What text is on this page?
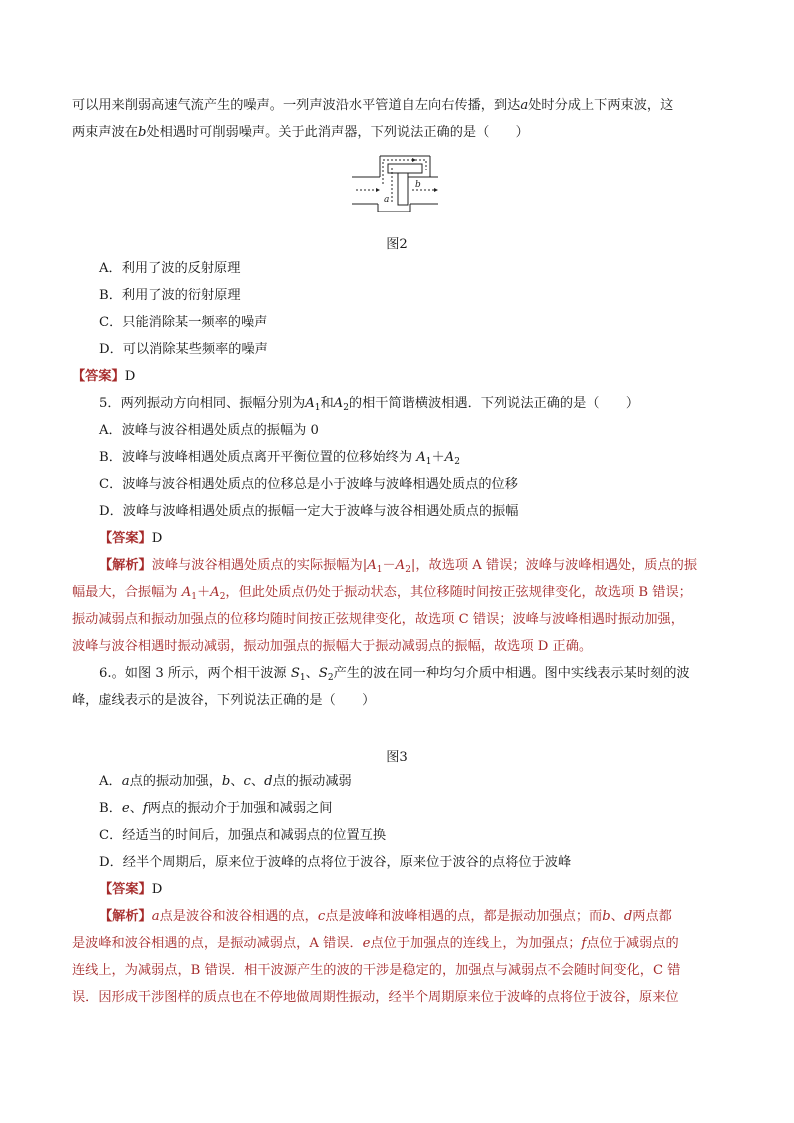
可以用来削弱高速气流产生的噪声。一列声波沿水平管道自左向右传播，到达a处时分成上下两束波，这
两束声波在b处相遇时可削弱噪声。关于此消声器，下列说法正确的是（　　）
a
b
图2
A．利用了波的反射原理
B．利用了波的衍射原理
C．只能消除某一频率的噪声
D．可以消除某些频率的噪声
【答案】D
5．两列振动方向相同、振幅分别为$A_1$和$A_2$的相干简谐横波相遇．下列说法正确的是（　　）
A．波峰与波谷相遇处质点的振幅为 0
B．波峰与波峰相遇处质点离开平衡位置的位移始终为 $A_1+A_2$
C．波峰与波谷相遇处质点的位移总是小于波峰与波峰相遇处质点的位移
D．波峰与波峰相遇处质点的振幅一定大于波峰与波谷相遇处质点的振幅
【答案】D
【解析】波峰与波谷相遇处质点的实际振幅为$|A_1-A_2|$，故选项 A 错误；波峰与波峰相遇处，质点的振
幅最大，合振幅为 $A_1+A_2$，但此处质点仍处于振动状态，其位移随时间按正弦规律变化，故选项 B 错误；
振动减弱点和振动加强点的位移均随时间按正弦规律变化，故选项 C 错误；波峰与波峰相遇时振动加强，
波峰与波谷相遇时振动减弱，振动加强点的振幅大于振动减弱点的振幅，故选项 D 正确。
6.。如图 3 所示，两个相干波源 $S_1$、$S_2$产生的波在同一种均匀介质中相遇。图中实线表示某时刻的波
峰，虚线表示的是波谷，下列说法正确的是（　　）
图3
A．a点的振动加强，b、c、d点的振动减弱
B．e、f两点的振动介于加强和减弱之间
C．经适当的时间后，加强点和减弱点的位置互换
D．经半个周期后，原来位于波峰的点将位于波谷，原来位于波谷的点将位于波峰
【答案】D
【解析】a点是波谷和波谷相遇的点，c点是波峰和波峰相遇的点，都是振动加强点；而b、d两点都
是波峰和波谷相遇的点，是振动减弱点，A 错误．e点位于加强点的连线上，为加强点；f点位于减弱点的
连线上，为减弱点，B 错误．相干波源产生的波的干涉是稳定的，加强点与减弱点不会随时间变化，C 错
误．因形成干涉图样的质点也在不停地做周期性振动，经半个周期原来位于波峰的点将位于波谷，原来位
